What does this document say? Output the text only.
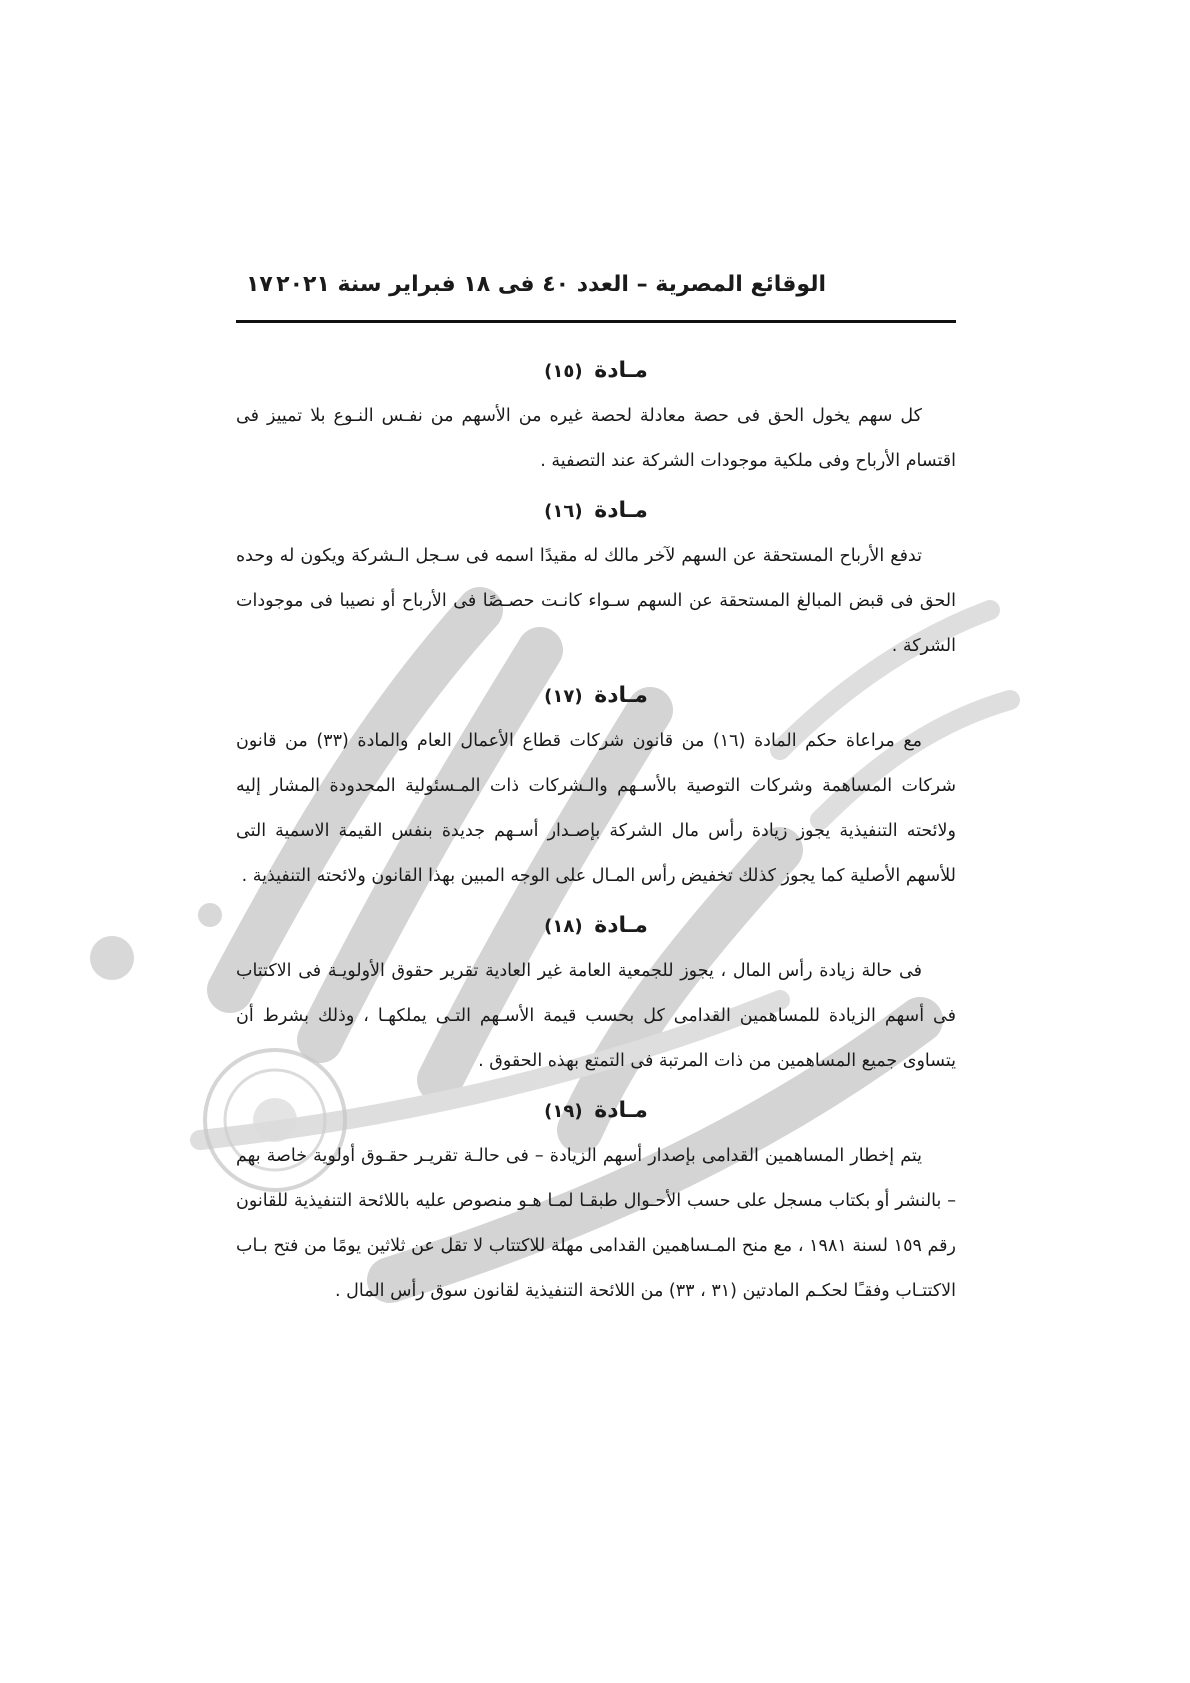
الوقائع المصرية – العدد ٤٠ فى ١٨ فبراير سنة ٢٠٢١
١٧
مـادة (١٥)

كل سهم يخول الحق فى حصة معادلة لحصة غيره من الأسهم من نفـس النـوع بلا تمييز فى اقتسام الأرباح وفى ملكية موجودات الشركة عند التصفية .

مـادة (١٦)

تدفع الأرباح المستحقة عن السهم لآخر مالك له مقيدًا اسمه فى سـجل الـشركة ويكون له وحده الحق فى قبض المبالغ المستحقة عن السهم سـواء كانـت حصـصًا فى الأرباح أو نصيبا فى موجودات الشركة .

مـادة (١٧)

مع مراعاة حكم المادة (١٦) من قانون شركات قطاع الأعمال العام والمادة (٣٣) من قانون شركات المساهمة وشركات التوصية بالأسـهم والـشركات ذات المـسئولية المحدودة المشار إليه ولائحته التنفيذية يجوز زيادة رأس مال الشركة بإصـدار أسـهم جديدة بنفس القيمة الاسمية التى للأسهم الأصلية كما يجوز كذلك تخفيض رأس المـال على الوجه المبين بهذا القانون ولائحته التنفيذية .

مـادة (١٨)

فى حالة زيادة رأس المال ، يجوز للجمعية العامة غير العادية تقرير حقوق الأولويـة فى الاكتتاب فى أسهم الزيادة للمساهمين القدامى كل بحسب قيمة الأسـهم التـى يملكهـا ، وذلك بشرط أن يتساوى جميع المساهمين من ذات المرتبة فى التمتع بهذه الحقوق .

مـادة (١٩)

يتم إخطار المساهمين القدامى بإصدار أسهم الزيادة – فى حالـة تقريـر حقـوق أولوية خاصة بهم – بالنشر أو بكتاب مسجل على حسب الأحـوال طبقـا لمـا هـو منصوص عليه باللائحة التنفيذية للقانون رقم ١٥٩ لسنة ١٩٨١ ، مع منح المـساهمين القدامى مهلة للاكتتاب لا تقل عن ثلاثين يومًا من فتح بـاب الاكتتـاب وفقـًا لحكـم المادتين (٣١ ، ٣٣) من اللائحة التنفيذية لقانون سوق رأس المال .
